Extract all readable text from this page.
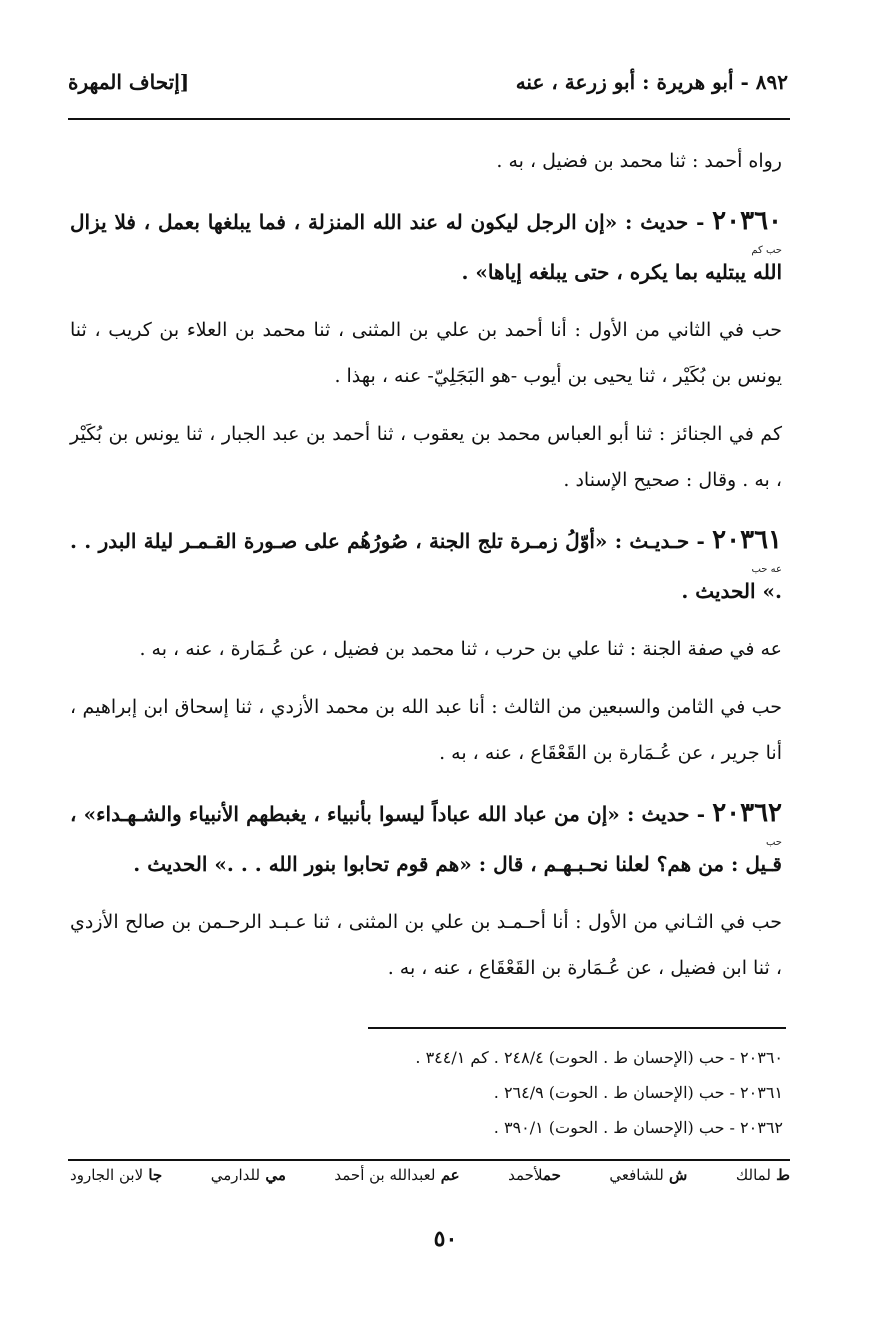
٨٩٢ - أبو هريرة : أبو زرعة ، عنه
[إتحاف المهرة

رواه أحمد : ثنا محمد بن فضيل ، به .

حب كم
٢٠٣٦٠ - حديث : «إن الرجل ليكون له عند الله المنزلة ، فما يبلغها بعمل ، فلا يزال الله يبتليه بما يكره ، حتى يبلغه إياها» .

حب في الثاني من الأول : أنا أحمد بن علي بن المثنى ، ثنا محمد بن العلاء بن كريب ، ثنا يونس بن بُكَيْر ، ثنا يحيى بن أيوب -هو البَجَلِيّ- عنه ، بهذا .

كم في الجنائز : ثنا أبو العباس محمد بن يعقوب ، ثنا أحمد بن عبد الجبار ، ثنا يونس بن بُكَيْر ، به . وقال : صحيح الإسناد .

عه حب
٢٠٣٦١ - حـديـث : «أوّلُ زمـرة تلج الجنة ، صُورُهُم على صـورة القـمـر ليلة البدر . . .» الحديث .

عه في صفة الجنة : ثنا علي بن حرب ، ثنا محمد بن فضيل ، عن عُـمَارة ، عنه ، به .

حب في الثامن والسبعين من الثالث : أنا عبد الله بن محمد الأزدي ، ثنا إسحاق ابن إبراهيم ، أنا جرير ، عن عُـمَارة بن القَعْقَاع ، عنه ، به .

حب
٢٠٣٦٢ - حديث : «إن من عباد الله عباداً ليسوا بأنبياء ، يغبطهم الأنبياء والشـهـداء» ، قـيل : من هم؟ لعلنا نحـبـهـم ، قال : «هم قوم تحابوا بنور الله . . .» الحديث .

حب في الثـاني من الأول : أنا أحـمـد بن علي بن المثنى ، ثنا عـبـد الرحـمن بن صالح الأزدي ، ثنا ابن فضيل ، عن عُـمَارة بن القَعْقَاع ، عنه ، به .

٢٠٣٦٠ - حب (الإحسان ط . الحوت) ٢٤٨/٤ . كم ٣٤٤/١ .
٢٠٣٦١ - حب (الإحسان ط . الحوت) ٢٦٤/٩ .
٢٠٣٦٢ - حب (الإحسان ط . الحوت) ٣٩٠/١ .
ط لمالك
ش للشافعي
حملأحمد
عم لعبدالله بن أحمد
مي للدارمي
جا لابن الجارود
٥٠
